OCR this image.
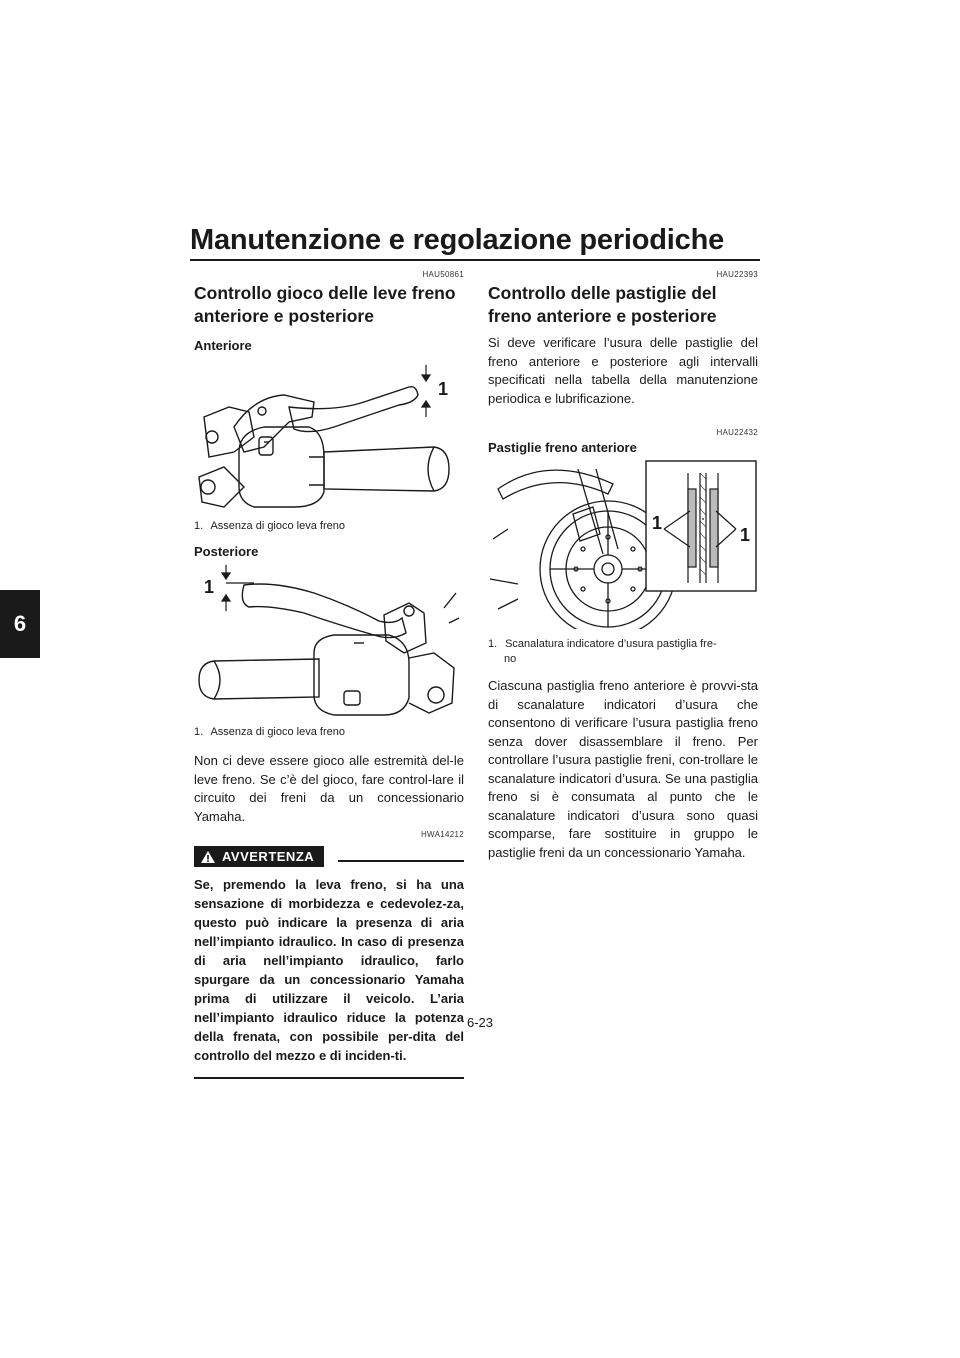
Manutenzione e regolazione periodiche
6
HAU50861
Controllo gioco delle leve freno anteriore e posteriore
Anteriore
1
1. Assenza di gioco leva freno
Posteriore
1
1. Assenza di gioco leva freno
Non ci deve essere gioco alle estremità del-le leve freno. Se c’è del gioco, fare control-lare il circuito dei freni da un concessionario Yamaha.
HWA14212
AVVERTENZA
Se, premendo la leva freno, si ha una sensazione di morbidezza e cedevolez-za, questo può indicare la presenza di aria nell’impianto idraulico. In caso di presenza di aria nell’impianto idraulico, farlo spurgare da un concessionario Yamaha prima di utilizzare il veicolo. L’aria nell’impianto idraulico riduce la potenza della frenata, con possibile per-dita del controllo del mezzo e di inciden-ti.
HAU22393
Controllo delle pastiglie del freno anteriore e posteriore
Si deve verificare l’usura delle pastiglie del freno anteriore e posteriore agli intervalli specificati nella tabella della manutenzione periodica e lubrificazione.
HAU22432
Pastiglie freno anteriore
1
1
1. Scanalatura indicatore d’usura pastiglia fre-
no
Ciascuna pastiglia freno anteriore è provvi-sta di scanalature indicatori d’usura che consentono di verificare l’usura pastiglia freno senza dover disassemblare il freno. Per controllare l’usura pastiglie freni, con-trollare le scanalature indicatori d’usura. Se una pastiglia freno si è consumata al punto che le scanalature indicatori d’usura sono quasi scomparse, fare sostituire in gruppo le pastiglie freni da un concessionario Yamaha.
6-23
